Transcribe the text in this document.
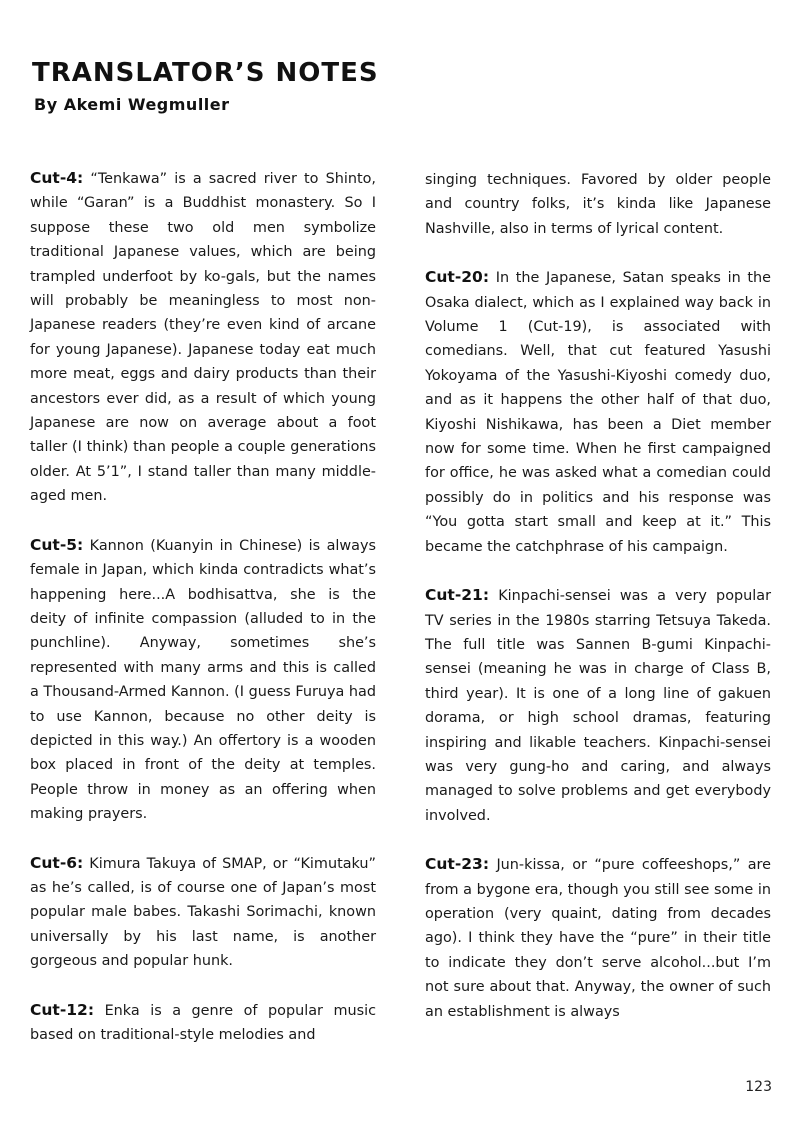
TRANSLATOR’S NOTES
By Akemi Wegmuller

Cut-4: “Tenkawa” is a sacred river to Shinto, while “Garan” is a Buddhist monastery. So I suppose these two old men symbolize traditional Japanese values, which are being trampled underfoot by ko-gals, but the names will probably be meaningless to most non-Japanese readers (they’re even kind of arcane for young Japanese). Japanese today eat much more meat, eggs and dairy products than their ancestors ever did, as a result of which young Japanese are now on average about a foot taller (I think) than people a couple generations older. At 5’1”, I stand taller than many middle-aged men.

Cut-5: Kannon (Kuanyin in Chinese) is always female in Japan, which kinda contradicts what’s happening here...A bodhisattva, she is the deity of infinite compassion (alluded to in the punchline). Anyway, sometimes she’s represented with many arms and this is called a Thousand-Armed Kannon. (I guess Furuya had to use Kannon, because no other deity is depicted in this way.) An offertory is a wooden box placed in front of the deity at temples. People throw in money as an offering when making prayers.

Cut-6: Kimura Takuya of SMAP, or “Kimutaku” as he’s called, is of course one of Japan’s most popular male babes. Takashi Sorimachi, known universally by his last name, is another gorgeous and popular hunk.

Cut-12: Enka is a genre of popular music based on traditional-style melodies and

singing techniques. Favored by older people and country folks, it’s kinda like Japanese Nashville, also in terms of lyrical content.

Cut-20: In the Japanese, Satan speaks in the Osaka dialect, which as I explained way back in Volume 1 (Cut-19), is associated with comedians. Well, that cut featured Yasushi Yokoyama of the Yasushi-Kiyoshi comedy duo, and as it happens the other half of that duo, Kiyoshi Nishikawa, has been a Diet member now for some time. When he first campaigned for office, he was asked what a comedian could possibly do in politics and his response was “You gotta start small and keep at it.” This became the catchphrase of his campaign.

Cut-21: Kinpachi-sensei was a very popular TV series in the 1980s starring Tetsuya Takeda. The full title was Sannen B-gumi Kinpachi-sensei (meaning he was in charge of Class B, third year). It is one of a long line of gakuen dorama, or high school dramas, featuring inspiring and likable teachers. Kinpachi-sensei was very gung-ho and caring, and always managed to solve problems and get everybody involved.

Cut-23: Jun-kissa, or “pure coffeeshops,” are from a bygone era, though you still see some in operation (very quaint, dating from decades ago). I think they have the “pure” in their title to indicate they don’t serve alcohol...but I’m not sure about that. Anyway, the owner of such an establishment is always

123
